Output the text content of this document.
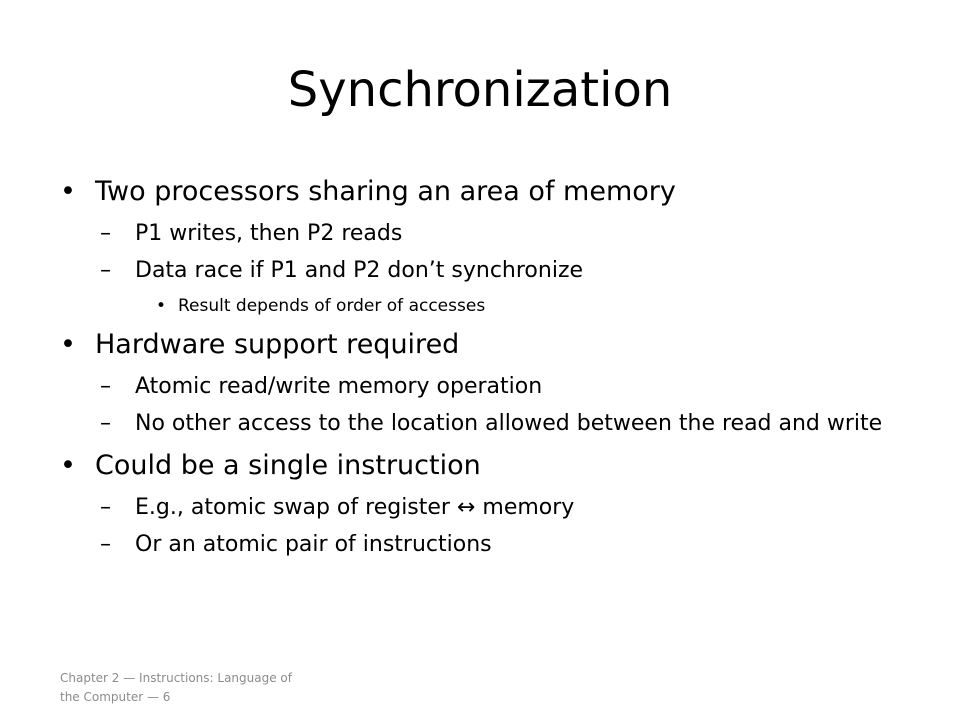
Synchronization
• Two processors sharing an area of memory
– P1 writes, then P2 reads
– Data race if P1 and P2 don’t synchronize
• Result depends of order of accesses
• Hardware support required
– Atomic read/write memory operation
– No other access to the location allowed between the read and write
• Could be a single instruction
– E.g., atomic swap of register ↔ memory
– Or an atomic pair of instructions
Chapter 2 — Instructions: Language of the Computer — 6
